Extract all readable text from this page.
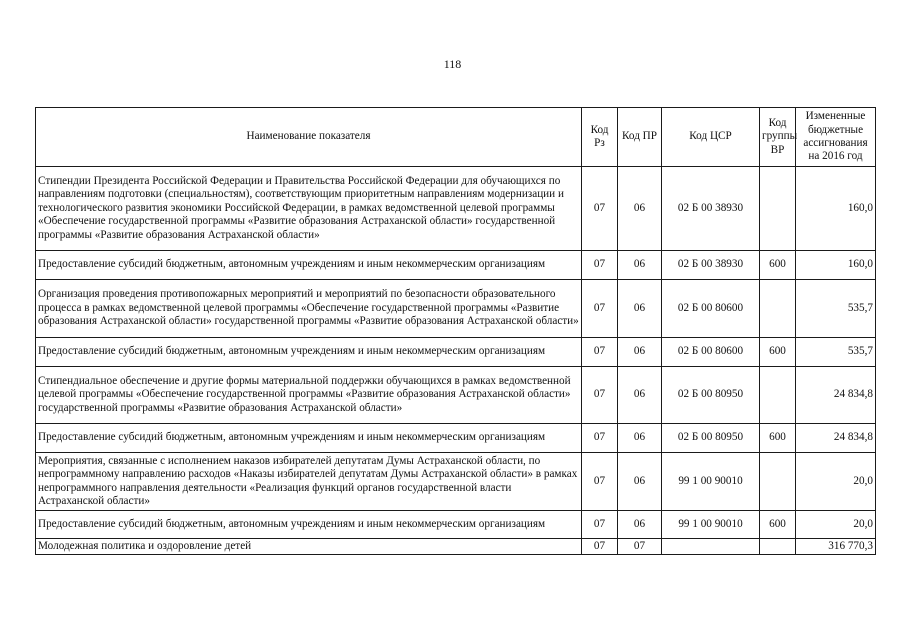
118
Наименование показателя	Код Рз	Код ПР	Код ЦСР	Код группы ВР	Измененные бюджетные ассигнования на 2016 год
Стипендии Президента Российской Федерации и Правительства Российской Федерации для обучающихся по направлениям подготовки (специальностям), соответствующим приоритетным направлениям модернизации и технологического развития экономики Российской Федерации, в рамках ведомственной целевой программы «Обеспечение государственной программы «Развитие образования Астраханской области» государственной программы «Развитие образования Астраханской области»	07	06	02 Б 00 38930		160,0
Предоставление субсидий бюджетным, автономным учреждениям и иным некоммерческим организациям	07	06	02 Б 00 38930	600	160,0
Организация проведения противопожарных мероприятий и мероприятий по безопасности образовательного процесса в рамках ведомственной целевой программы «Обеспечение государственной программы «Развитие образования Астраханской области» государственной программы «Развитие образования Астраханской области»	07	06	02 Б 00 80600		535,7
Предоставление субсидий бюджетным, автономным учреждениям и иным некоммерческим организациям	07	06	02 Б 00 80600	600	535,7
Стипендиальное обеспечение и другие формы материальной поддержки обучающихся в рамках ведомственной целевой программы «Обеспечение государственной программы «Развитие образования Астраханской области» государственной программы «Развитие образования Астраханской области»	07	06	02 Б 00 80950		24 834,8
Предоставление субсидий бюджетным, автономным учреждениям и иным некоммерческим организациям	07	06	02 Б 00 80950	600	24 834,8
Мероприятия, связанные с исполнением наказов избирателей депутатам Думы Астраханской области, по непрограммному направлению расходов «Наказы избирателей депутатам Думы Астраханской области» в рамках непрограммного направления деятельности «Реализация функций органов государственной власти Астраханской области»	07	06	99 1 00 90010		20,0
Предоставление субсидий бюджетным, автономным учреждениям и иным некоммерческим организациям	07	06	99 1 00 90010	600	20,0
Молодежная политика и оздоровление детей	07	07			316 770,3
